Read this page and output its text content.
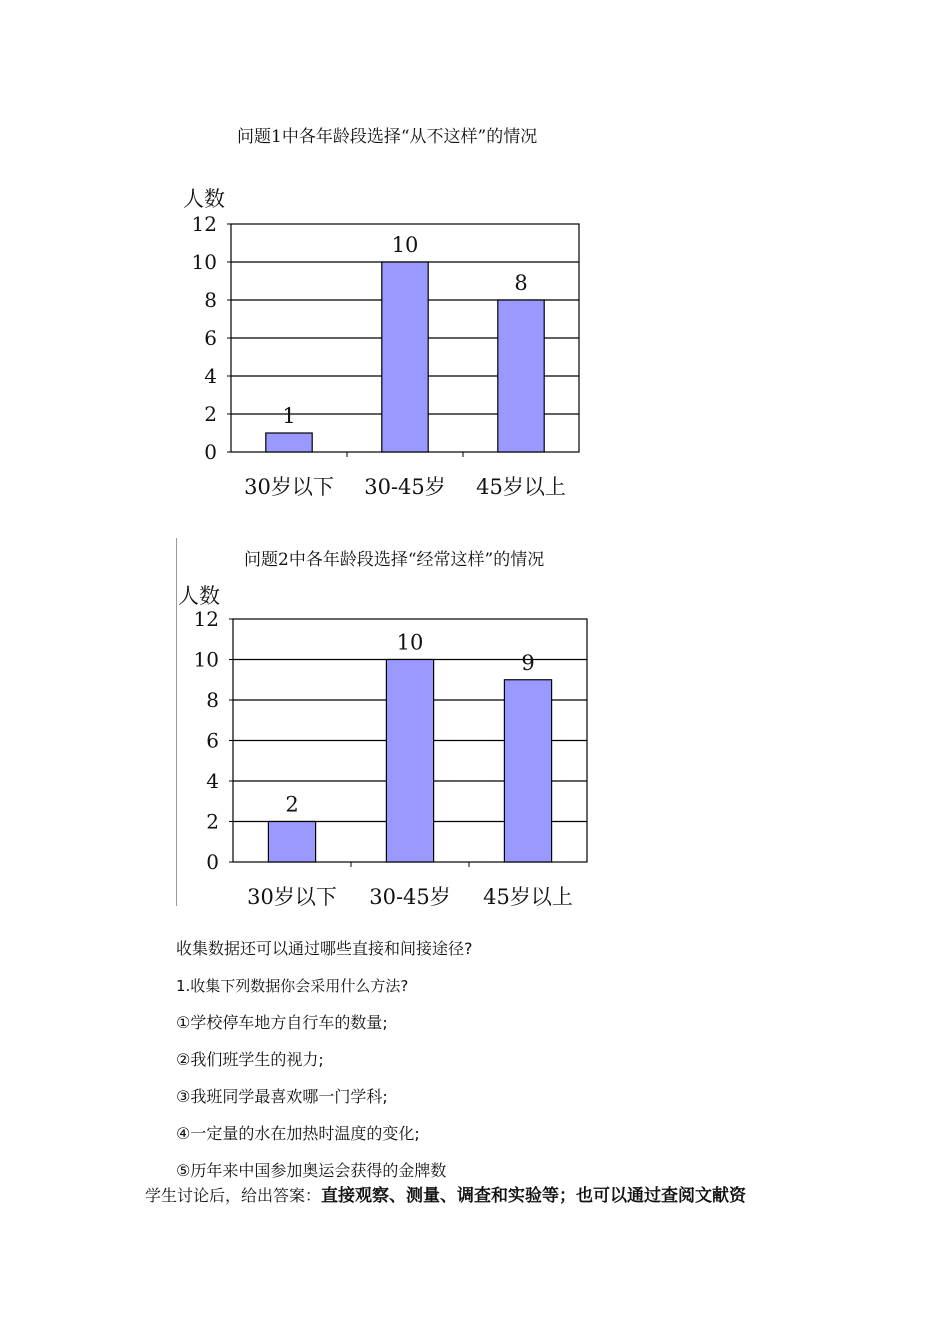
问题1中各年龄段选择“从不这样”的情况
人数
0
2
4
6
8
10
12
1
30岁以下
10
30-45岁
8
45岁以上
问题2中各年龄段选择“经常这样”的情况
人数
0
2
4
6
8
10
12
2
30岁以下
10
30-45岁
9
45岁以上

收集数据还可以通过哪些直接和间接途径?

1.收集下列数据你会采用什么方法?

①学校停车地方自行车的数量;

②我们班学生的视力;

③我班同学最喜欢哪一门学科;

④一定量的水在加热时温度的变化;

⑤历年来中国参加奥运会获得的金牌数

学生讨论后，给出答案：直接观察、测量、调查和实验等；也可以通过查阅文献资
